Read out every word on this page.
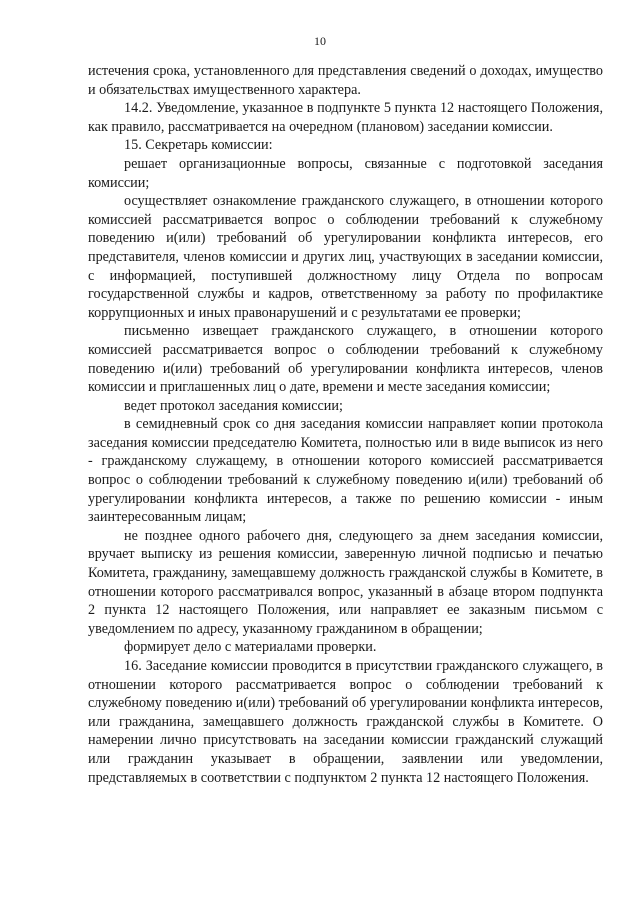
10

истечения срока, установленного для представления сведений о доходах, имущество и обязательствах имущественного характера.

14.2. Уведомление, указанное в подпункте 5 пункта 12 настоящего Положения, как правило, рассматривается на очередном (плановом) заседании комиссии.

15. Секретарь комиссии:

решает организационные вопросы, связанные с подготовкой заседания комиссии;

осуществляет ознакомление гражданского служащего, в отношении которого комиссией рассматривается вопрос о соблюдении требований к служебному поведению и(или) требований об урегулировании конфликта интересов, его представителя, членов комиссии и других лиц, участвующих в заседании комиссии, с информацией, поступившей должностному лицу Отдела по вопросам государственной службы и кадров, ответственному за работу по профилактике коррупционных и иных правонарушений и с результатами ее проверки;

письменно извещает гражданского служащего, в отношении которого комиссией рассматривается вопрос о соблюдении требований к служебному поведению и(или) требований об урегулировании конфликта интересов, членов комиссии и приглашенных лиц о дате, времени и месте заседания комиссии;

ведет протокол заседания комиссии;

в семидневный срок со дня заседания комиссии направляет копии протокола заседания комиссии председателю Комитета, полностью или в виде выписок из него - гражданскому служащему, в отношении которого комиссией рассматривается вопрос о соблюдении требований к служебному поведению и(или) требований об урегулировании конфликта интересов, а также по решению комиссии - иным заинтересованным лицам;

не позднее одного рабочего дня, следующего за днем заседания комиссии, вручает выписку из решения комиссии, заверенную личной подписью и печатью Комитета, гражданину, замещавшему должность гражданской службы в Комитете, в отношении которого рассматривался вопрос, указанный в абзаце втором подпункта 2 пункта 12 настоящего Положения, или направляет ее заказным письмом с уведомлением по адресу, указанному гражданином в обращении;

формирует дело с материалами проверки.

16. Заседание комиссии проводится в присутствии гражданского служащего, в отношении которого рассматривается вопрос о соблюдении требований к служебному поведению и(или) требований об урегулировании конфликта интересов, или гражданина, замещавшего должность гражданской службы в Комитете. О намерении лично присутствовать на заседании комиссии гражданский служащий или гражданин указывает в обращении, заявлении или уведомлении, представляемых в соответствии с подпунктом 2 пункта 12 настоящего Положения.
